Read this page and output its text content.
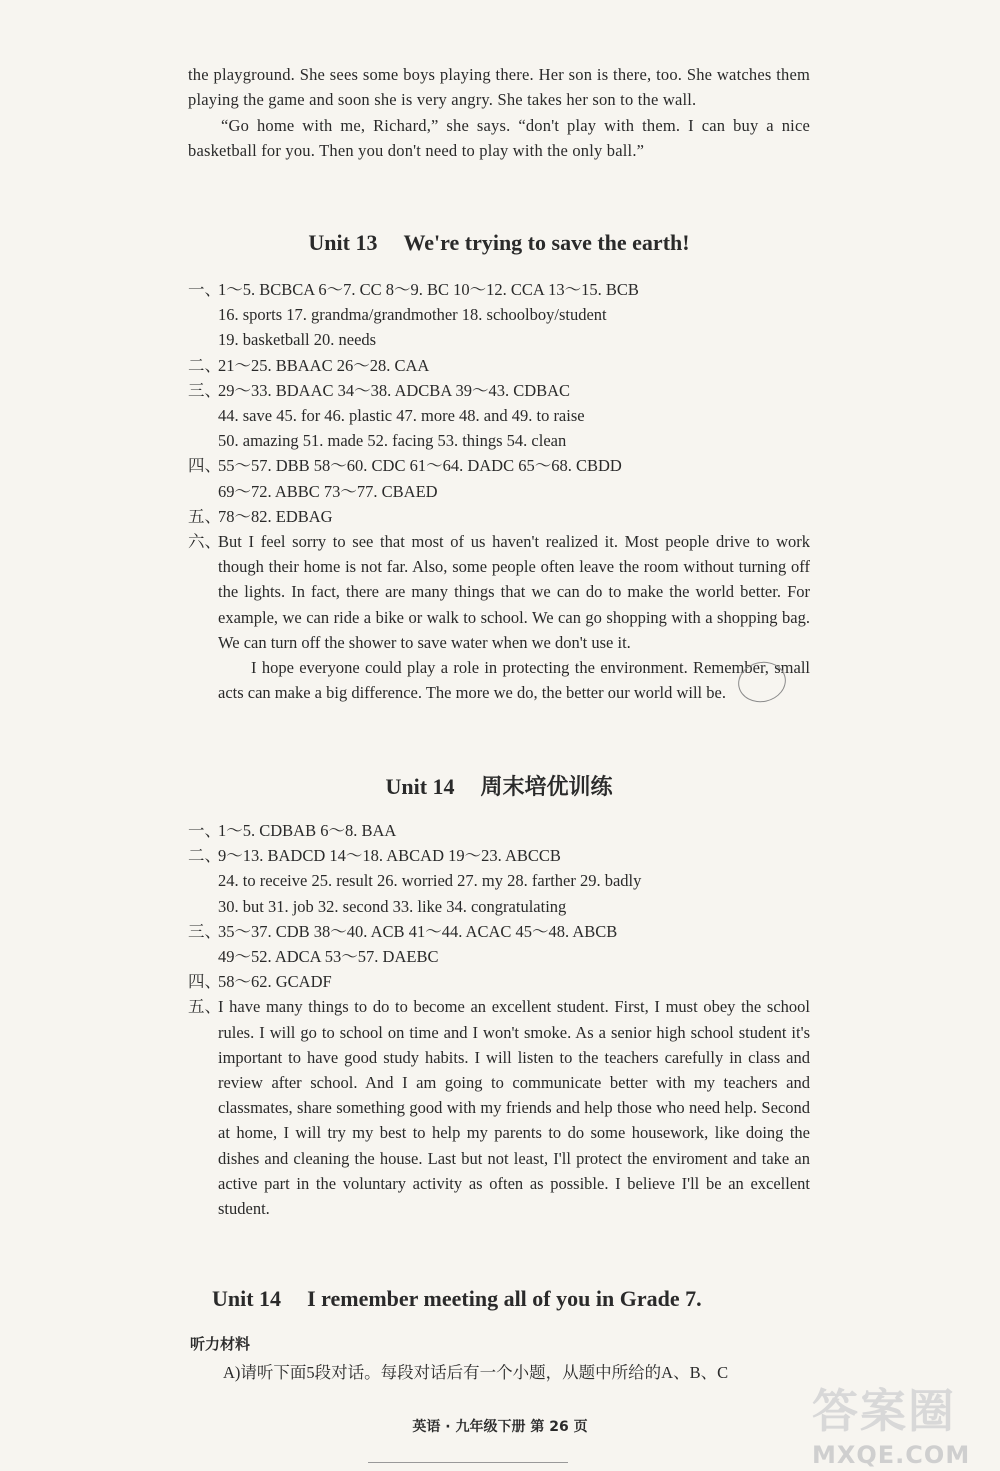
the playground. She sees some boys playing there. Her son is there, too. She watches them playing the game and soon she is very angry. She takes her son to the wall.

“Go home with me, Richard,” she says. “don't play with them. I can buy a nice basketball for you. Then you don't need to play with the only ball.”

Unit 13 We're trying to save the earth!
一、
1～5. BCBCA 6～7. CC 8～9. BC 10～12. CCA 13～15. BCB
16. sports 17. grandma/grandmother 18. schoolboy/student
19. basketball 20. needs
二、
21～25. BBAAC 26～28. CAA
三、
29～33. BDAAC 34～38. ADCBA 39～43. CDBAC
44. save 45. for 46. plastic 47. more 48. and 49. to raise
50. amazing 51. made 52. facing 53. things 54. clean
四、
55～57. DBB 58～60. CDC 61～64. DADC 65～68. CBDD
69～72. ABBC 73～77. CBAED
五、
78～82. EDBAG
六、
But I feel sorry to see that most of us haven't realized it. Most people drive to work though their home is not far. Also, some people often leave the room without turning off the lights. In fact, there are many things that we can do to make the world better. For example, we can ride a bike or walk to school. We can go shopping with a shopping bag. We can turn off the shower to save water when we don't use it.
I hope everyone could play a role in protecting the environment. Remember, small acts can make a big difference. The more we do, the better our world will be.
Unit 14 周末培优训练
一、
1～5. CDBAB 6～8. BAA
二、
9～13. BADCD 14～18. ABCAD 19～23. ABCCB
24. to receive 25. result 26. worried 27. my 28. farther 29. badly
30. but 31. job 32. second 33. like 34. congratulating
三、
35～37. CDB 38～40. ACB 41～44. ACAC 45～48. ABCB
49～52. ADCA 53～57. DAEBC
四、
58～62. GCADF
五、
I have many things to do to become an excellent student. First, I must obey the school rules. I will go to school on time and I won't smoke. As a senior high school student it's important to have good study habits. I will listen to the teachers carefully in class and review after school. And I am going to communicate better with my teachers and classmates, share something good with my friends and help those who need help. Second at home, I will try my best to help my parents to do some housework, like doing the dishes and cleaning the house. Last but not least, I'll protect the enviroment and take an active part in the voluntary activity as often as possible. I believe I'll be an excellent student.
Unit 14 I remember meeting all of you in Grade 7.
听力材料

A)请听下面5段对话。每段对话后有一个小题，从题中所给的A、B、C

英语 · 九年级下册 第 26 页	答案圈
MXQE.COM
